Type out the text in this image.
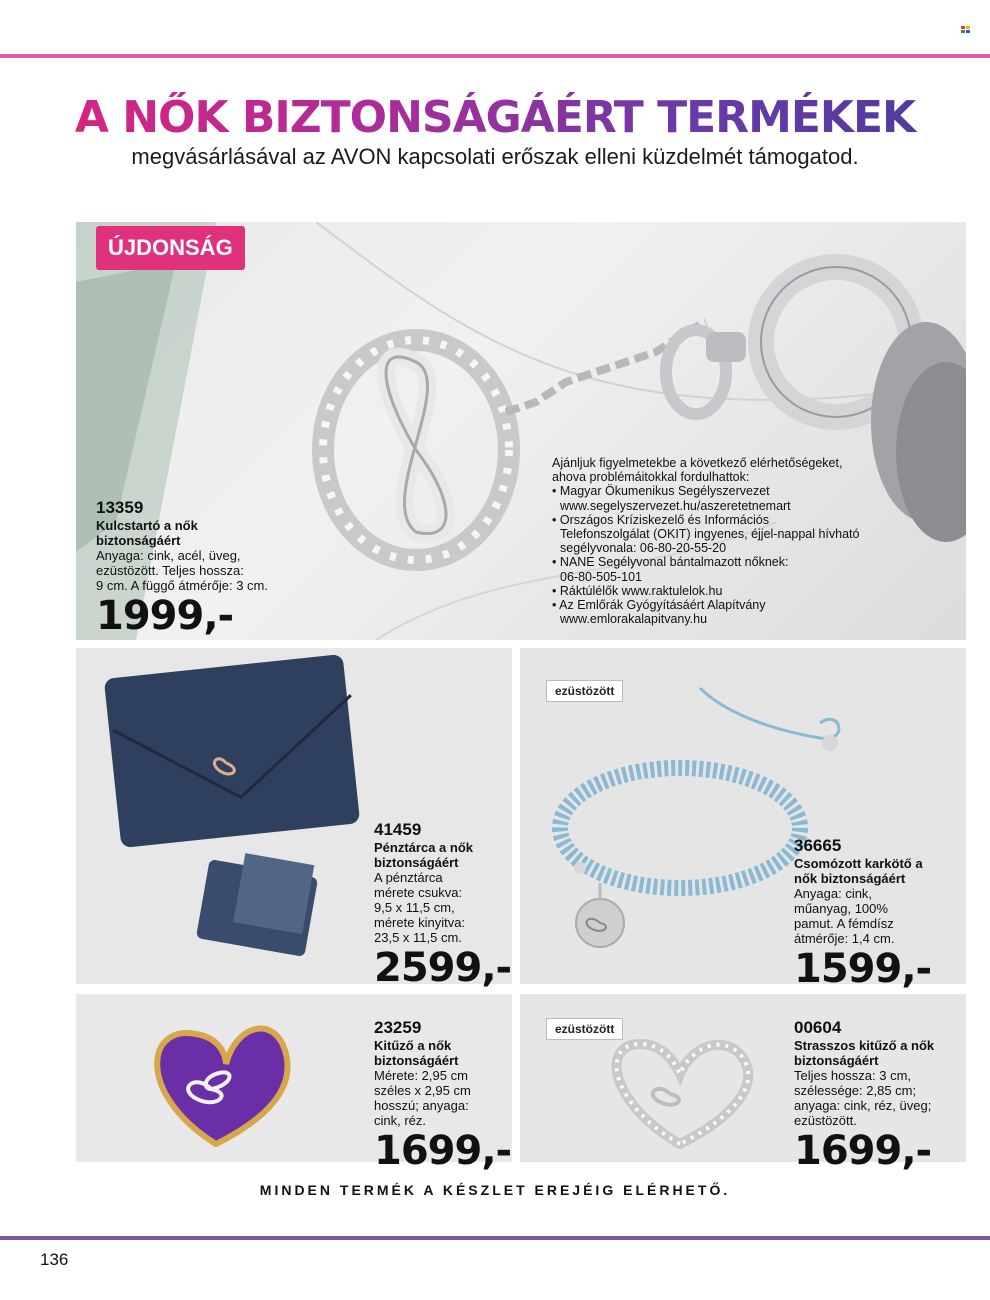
A NŐK BIZTONSÁGÁÉRT TERMÉKEK

megvásárlásával az AVON kapcsolati erőszak elleni küzdelmét támogatod.

ÚJDONSÁG
13359
Kulcstartó a nők
biztonságáért
Anyaga: cink, acél, üveg,
ezüstözött. Teljes hossza:
9 cm. A függő átmérője: 3 cm.
1999,-
Ajánljuk figyelmetekbe a következő elérhetőségeket,
ahova problémáitokkal fordulhattok:
• Magyar Ökumenikus Segélyszervezet
www.segelyszervezet.hu/aszeretetnemart
• Országos Kríziskezelő és Információs
Telefonszolgálat (OKIT) ingyenes, éjjel-nappal hívható
segélyvonala: 06-80-20-55-20
• NANE Segélyvonal bántalmazott nőknek:
06-80-505-101
• Ráktúlélők www.raktulelok.hu
• Az Emlőrák Gyógyításáért Alapítvány
www.emlorakalapitvany.hu
41459
Pénztárca a nők
biztonságáért
A pénztárca
mérete csukva:
9,5 x 11,5 cm,
mérete kinyitva:
23,5 x 11,5 cm.
2599,-
ezüstözött
36665
Csomózott karkötő a
nők biztonságáért
Anyaga: cink,
műanyag, 100%
pamut. A fémdísz
átmérője: 1,4 cm.
1599,-
23259
Kitűző a nők
biztonságáért
Mérete: 2,95 cm
széles x 2,95 cm
hosszú; anyaga:
cink, réz.
1699,-
ezüstözött	00604
Strasszos kitűző a nők
biztonságáért
Teljes hossza: 3 cm,
szélessége: 2,85 cm;
anyaga: cink, réz, üveg;
ezüstözött.
1699,-
MINDEN TERMÉK A KÉSZLET EREJÉIG ELÉRHETŐ.
136
